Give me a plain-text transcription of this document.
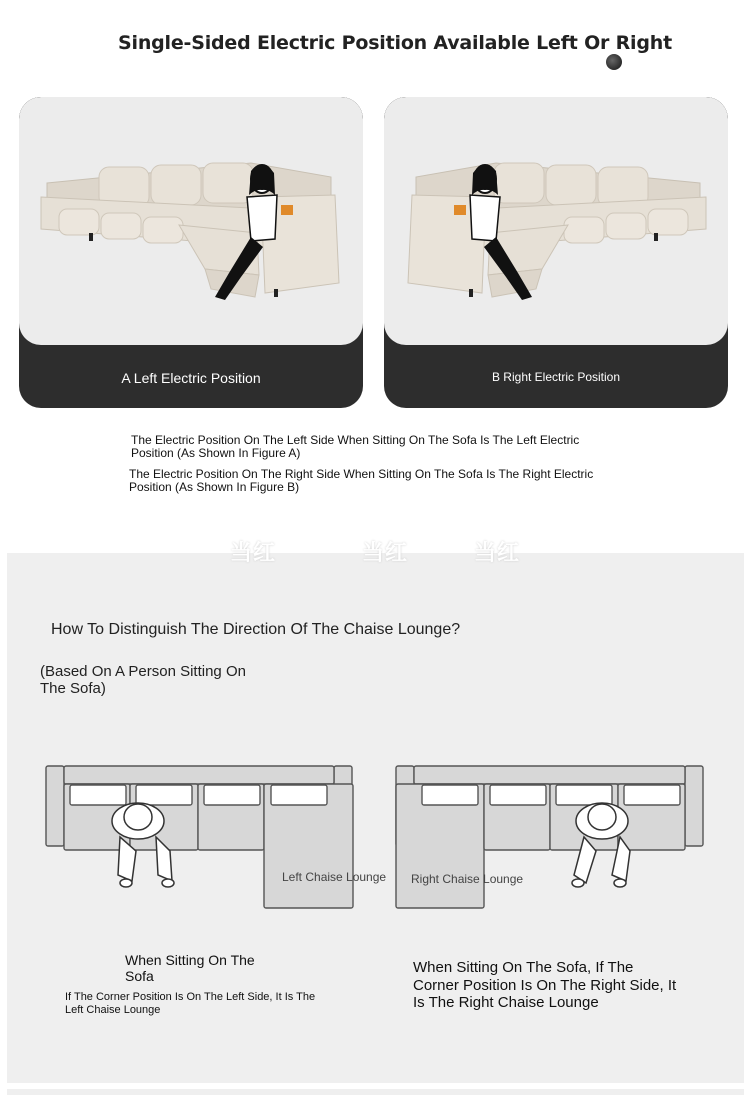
Single-Sided Electric Position Available Left Or Right
A Left Electric Position	B Right Electric Position
The Electric Position On The Left Side When Sitting On The Sofa Is The Left Electric Position (As Shown In Figure A)
The Electric Position On The Right Side When Sitting On The Sofa Is The Right Electric Position (As Shown In Figure B)
当红	当红	当红
How To Distinguish The Direction Of The Chaise Lounge?
(Based On A Person Sitting On The Sofa)
Left Chaise Lounge Right Chaise Lounge
When Sitting On The Sofa
If The Corner Position Is On The Left Side, It Is The Left Chaise Lounge
When Sitting On The Sofa, If The Corner Position Is On The Right Side, It Is The Right Chaise Lounge
